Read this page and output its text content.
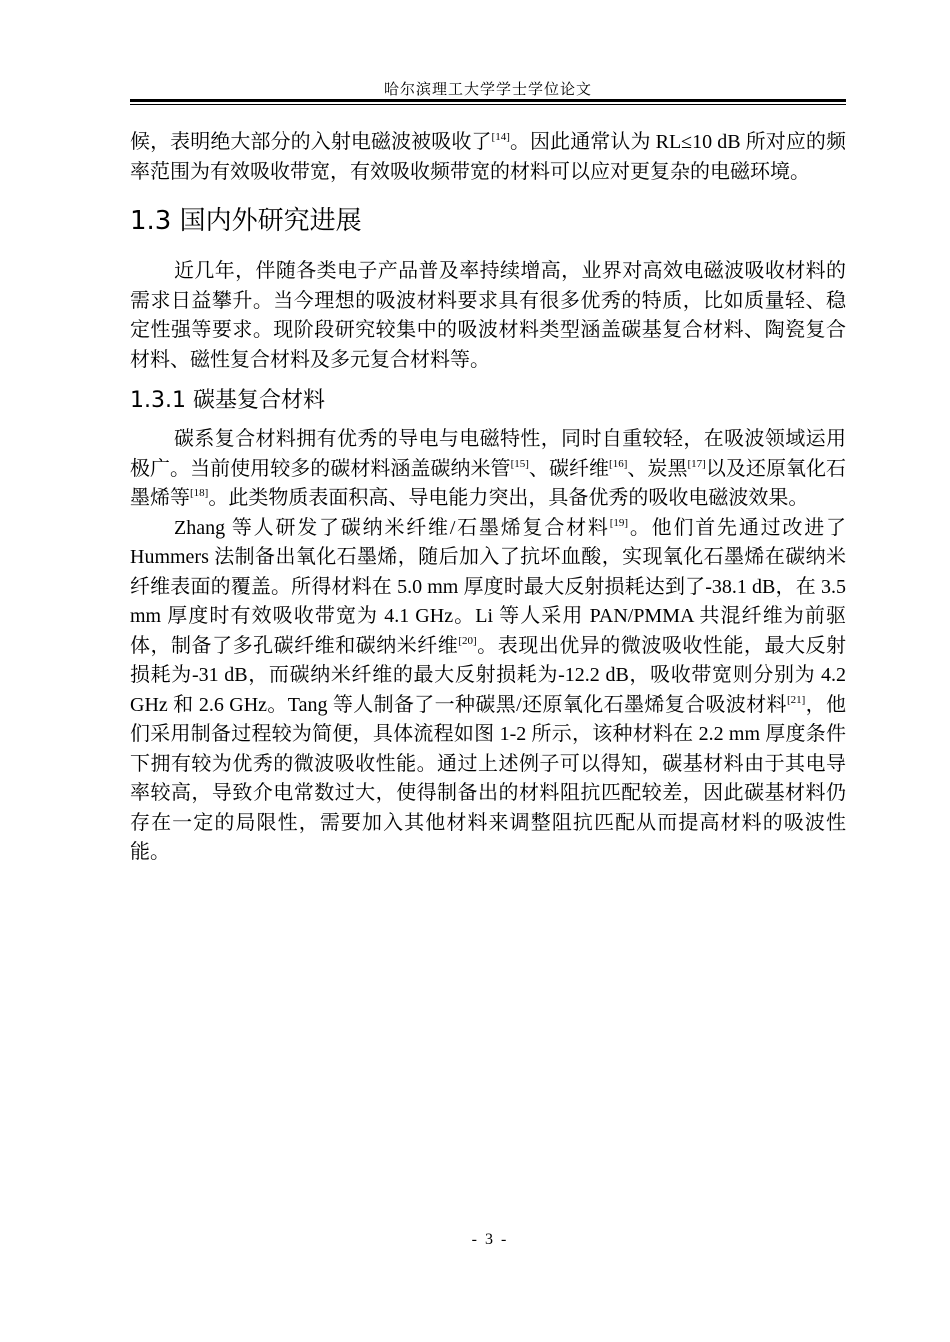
哈尔滨理工大学学士学位论文

候，表明绝大部分的入射电磁波被吸收了[14]。因此通常认为 RL≤10 dB 所对应的频率范围为有效吸收带宽，有效吸收频带宽的材料可以应对更复杂的电磁环境。

1.3 国内外研究进展

近几年，伴随各类电子产品普及率持续增高，业界对高效电磁波吸收材料的需求日益攀升。当今理想的吸波材料要求具有很多优秀的特质，比如质量轻、稳定性强等要求。现阶段研究较集中的吸波材料类型涵盖碳基复合材料、陶瓷复合材料、磁性复合材料及多元复合材料等。

1.3.1 碳基复合材料

碳系复合材料拥有优秀的导电与电磁特性，同时自重较轻，在吸波领域运用极广。当前使用较多的碳材料涵盖碳纳米管[15]、碳纤维[16]、炭黑[17]以及还原氧化石墨烯等[18]。此类物质表面积高、导电能力突出，具备优秀的吸收电磁波效果。

Zhang 等人研发了碳纳米纤维/石墨烯复合材料[19]。他们首先通过改进了 Hummers 法制备出氧化石墨烯，随后加入了抗坏血酸，实现氧化石墨烯在碳纳米纤维表面的覆盖。所得材料在 5.0 mm 厚度时最大反射损耗达到了-38.1 dB，在 3.5 mm 厚度时有效吸收带宽为 4.1 GHz。Li 等人采用 PAN/PMMA 共混纤维为前驱体，制备了多孔碳纤维和碳纳米纤维[20]。表现出优异的微波吸收性能，最大反射损耗为-31 dB，而碳纳米纤维的最大反射损耗为-12.2 dB，吸收带宽则分别为 4.2 GHz 和 2.6 GHz。Tang 等人制备了一种碳黑/还原氧化石墨烯复合吸波材料[21]，他们采用制备过程较为简便，具体流程如图 1-2 所示，该种材料在 2.2 mm 厚度条件下拥有较为优秀的微波吸收性能。通过上述例子可以得知，碳基材料由于其电导率较高，导致介电常数过大，使得制备出的材料阻抗匹配较差，因此碳基材料仍存在一定的局限性，需要加入其他材料来调整阻抗匹配从而提高材料的吸波性能。

- 3 -
